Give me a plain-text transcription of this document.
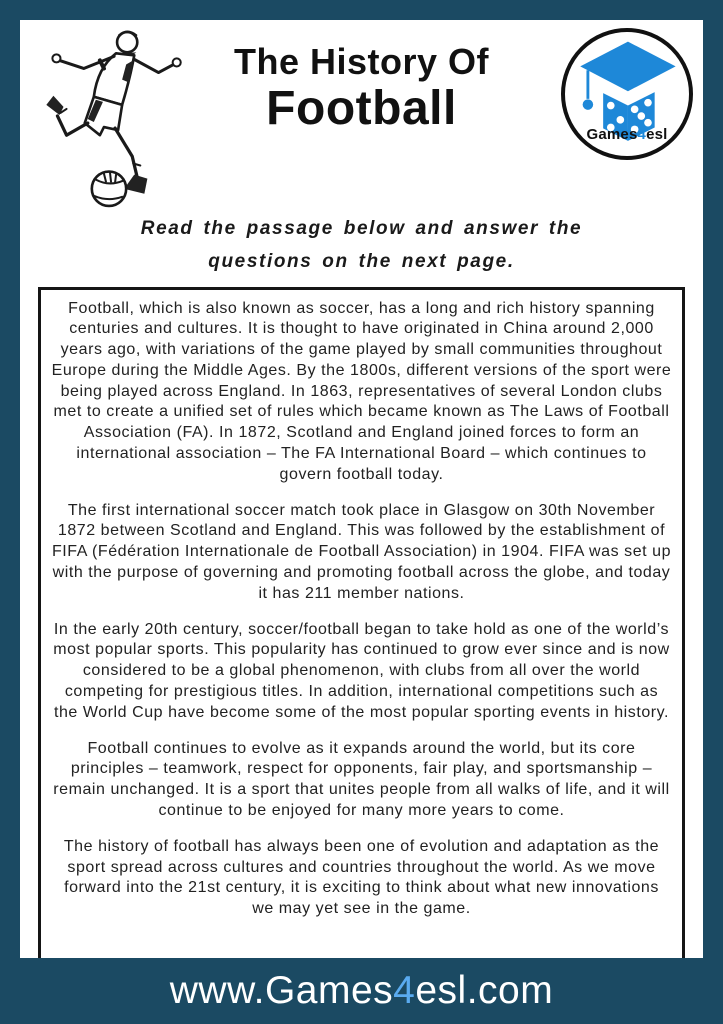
The History Of
Football	Games4esl
Read the passage below and answer the
questions on the next page.

Football, which is also known as soccer, has a long and rich history spanning centuries and cultures. It is thought to have originated in China around 2,000 years ago, with variations of the game played by small communities throughout Europe during the Middle Ages. By the 1800s, different versions of the sport were being played across England. In 1863, representatives of several London clubs met to create a unified set of rules which became known as The Laws of Football Association (FA). In 1872, Scotland and England joined forces to form an international association – The FA International Board – which continues to govern football today.

The first international soccer match took place in Glasgow on 30th November 1872 between Scotland and England. This was followed by the establishment of FIFA (Fédération Internationale de Football Association) in 1904. FIFA was set up with the purpose of governing and promoting football across the globe, and today it has 211 member nations.

In the early 20th century, soccer/football began to take hold as one of the world’s most popular sports. This popularity has continued to grow ever since and is now considered to be a global phenomenon, with clubs from all over the world competing for prestigious titles. In addition, international competitions such as the World Cup have become some of the most popular sporting events in history.

Football continues to evolve as it expands around the world, but its core principles – teamwork, respect for opponents, fair play, and sportsmanship – remain unchanged. It is a sport that unites people from all walks of life, and it will continue to be enjoyed for many more years to come.

The history of football has always been one of evolution and adaptation as the sport spread across cultures and countries throughout the world. As we move forward into the 21st century, it is exciting to think about what new innovations we may yet see in the game.

www.Games4esl.com
